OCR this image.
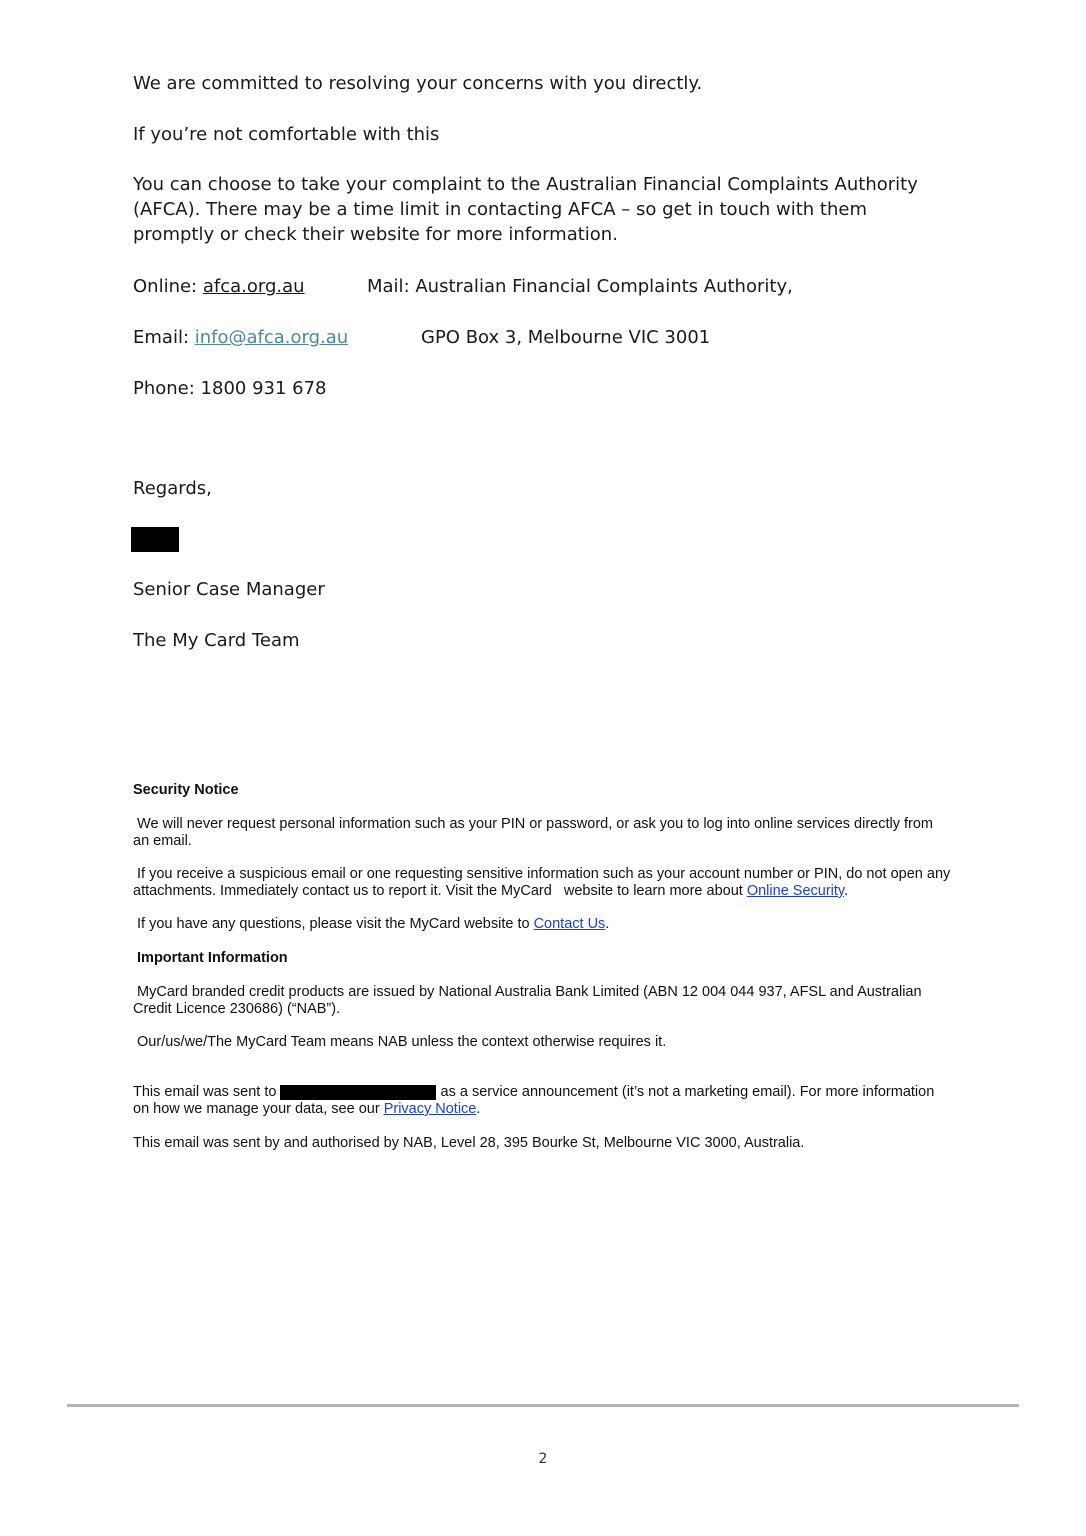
We are committed to resolving your concerns with you directly.
If you’re not comfortable with this
You can choose to take your complaint to the Australian Financial Complaints Authority (AFCA). There may be a time limit in contacting AFCA – so get in touch with them promptly or check their website for more information.
Online: afca.org.au	Mail: Australian Financial Complaints Authority,
Email: info@afca.org.au	GPO Box 3, Melbourne VIC 3001
Phone: 1800 931 678
Regards,
Senior Case Manager
The My Card Team
Security Notice
We will never request personal information such as your PIN or password, or ask you to log into online services directly from an email.
If you receive a suspicious email or one requesting sensitive information such as your account number or PIN, do not open any attachments. Immediately contact us to report it. Visit the MyCard   website to learn more about Online Security.
If you have any questions, please visit the MyCard website to Contact Us.
Important Information
MyCard branded credit products are issued by National Australia Bank Limited (ABN 12 004 044 937, AFSL and Australian Credit Licence 230686) (“NAB”).
Our/us/we/The MyCard Team means NAB unless the context otherwise requires it.
This email was sent to	as a service announcement (it’s not a marketing email). For more information on how we manage your data, see our Privacy Notice.
This email was sent by and authorised by NAB, Level 28, 395 Bourke St, Melbourne VIC 3000, Australia.
2
